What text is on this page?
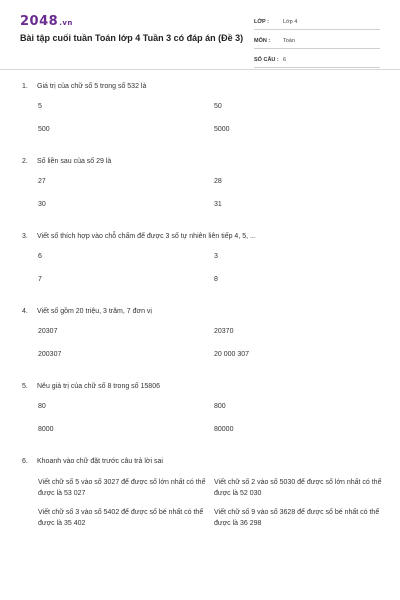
2048.vn
Bài tập cuối tuần Toán lớp 4 Tuần 3 có đáp án (Đề 3)
LỚP :	Lớp 4
MÔN :	Toán
SỐ CÂU : 6
1.	Giá trị của chữ số 5 trong số 532 là
5	50
500	5000
2.	Số liền sau của số 29 là
27	28
30	31
3.	Viết số thích hợp vào chỗ chấm để được 3 số tự nhiên liên tiếp 4, 5, ...
6	3
7	8
4.	Viết số gồm 20 triệu, 3 trăm, 7 đơn vị
20307	20370
200307	20 000 307
5.	Nêu giá trị của chữ số 8 trong số 15806
80	800
8000	80000
6.	Khoanh vào chữ đặt trước câu trả lời sai
Viết chữ số 5 vào số 3027 để được số lớn nhất có thể được là 53 027
Viết chữ số 2 vào số 5030 để được số lớn nhất có thể được là 52 030
Viết chữ số 3 vào số 5402 để được số bé nhất có thể được là 35 402
Viết chữ số 9 vào số 3628 để được số bé nhất có thể được là 36 298
